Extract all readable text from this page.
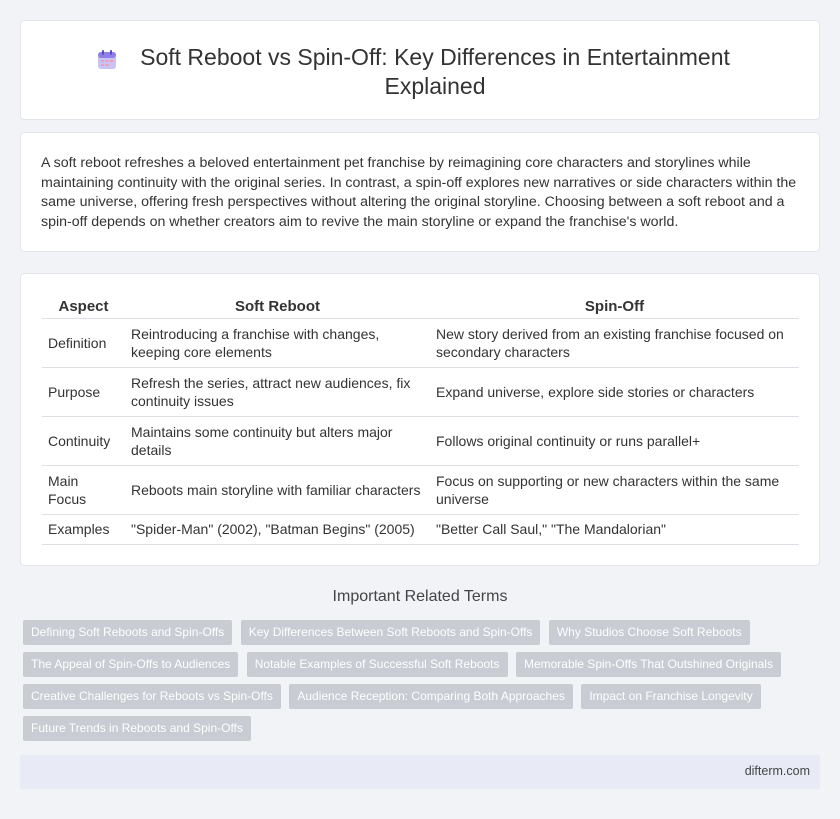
Soft Reboot vs Spin-Off: Key Differences in Entertainment Explained

A soft reboot refreshes a beloved entertainment pet franchise by reimagining core characters and storylines while maintaining continuity with the original series. In contrast, a spin-off explores new narratives or side characters within the same universe, offering fresh perspectives without altering the original storyline. Choosing between a soft reboot and a spin-off depends on whether creators aim to revive the main storyline or expand the franchise's world.

Aspect	Soft Reboot	Spin-Off
Definition	Reintroducing a franchise with changes, keeping core elements	New story derived from an existing franchise focused on secondary characters
Purpose	Refresh the series, attract new audiences, fix continuity issues	Expand universe, explore side stories or characters
Continuity	Maintains some continuity but alters major details	Follows original continuity or runs parallel+
Main Focus	Reboots main storyline with familiar characters	Focus on supporting or new characters within the same universe
Examples	"Spider-Man" (2002), "Batman Begins" (2005)	"Better Call Saul," "The Mandalorian"
Important Related Terms
Defining Soft Reboots and Spin-Offs Key Differences Between Soft Reboots and Spin-Offs Why Studios Choose Soft Reboots The Appeal of Spin-Offs to Audiences Notable Examples of Successful Soft Reboots Memorable Spin-Offs That Outshined Originals Creative Challenges for Reboots vs Spin-Offs Audience Reception: Comparing Both Approaches Impact on Franchise Longevity Future Trends in Reboots and Spin-Offs
difterm.com
